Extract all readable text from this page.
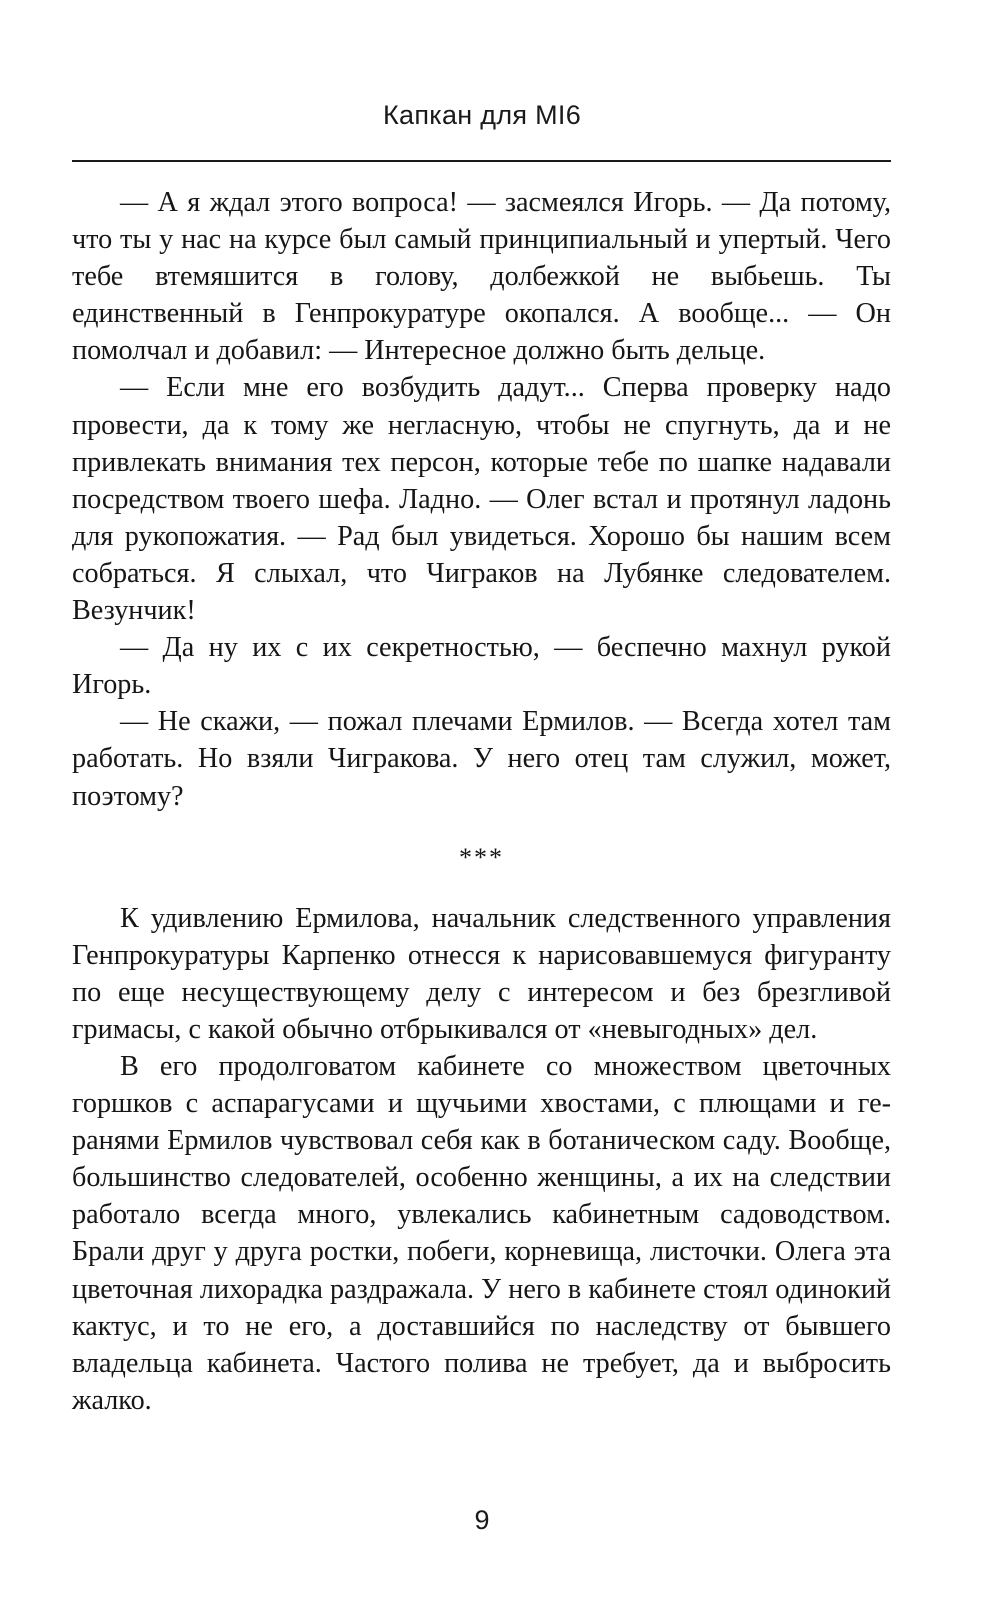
Капкан для МI6

— А я ждал этого вопроса! — засмеялся Игорь. — Да потому, что ты у нас на курсе был самый принципиальный и упертый. Чего тебе втемяшится в голову, долбежкой не выбьешь. Ты единственный в Генпрокуратуре окопался. А вообще... — Он помолчал и добавил: — Интересное должно быть дельце.

— Если мне его возбудить дадут... Сперва проверку надо провести, да к тому же негласную, чтобы не спугнуть, да и не привлекать внимания тех персон, которые тебе по шапке надавали посредством твоего шефа. Ладно. — Олег встал и протянул ладонь для рукопожатия. — Рад был увидеться. Хорошо бы нашим всем собраться. Я слыхал, что Чиграков на Лубянке следователем. Везунчик!

— Да ну их с их секретностью, — беспечно махнул рукой Игорь.

— Не скажи, — пожал плечами Ермилов. — Всегда хотел там работать. Но взяли Чигракова. У него отец там служил, может, поэтому?

***

К удивлению Ермилова, начальник следственного управления Генпрокуратуры Карпенко отнесся к нарисовавшемуся фигуранту по еще несуществующему делу с интересом и без брезгливой гримасы, с какой обычно отбрыкивался от «невыгодных» дел.

В его продолговатом кабинете со множеством цветочных горшков с аспарагусами и щучьими хвостами, с плющами и геранями Ермилов чувствовал себя как в ботаническом саду. Вообще, большинство следователей, особенно женщины, а их на следствии работало всегда много, увлекались кабинетным садоводством. Брали друг у друга ростки, побеги, корневища, листочки. Олега эта цветочная лихорадка раздражала. У него в кабинете стоял одинокий кактус, и то не его, а доставшийся по наследству от бывшего владельца кабинета. Частого полива не требует, да и выбросить жалко.

9
